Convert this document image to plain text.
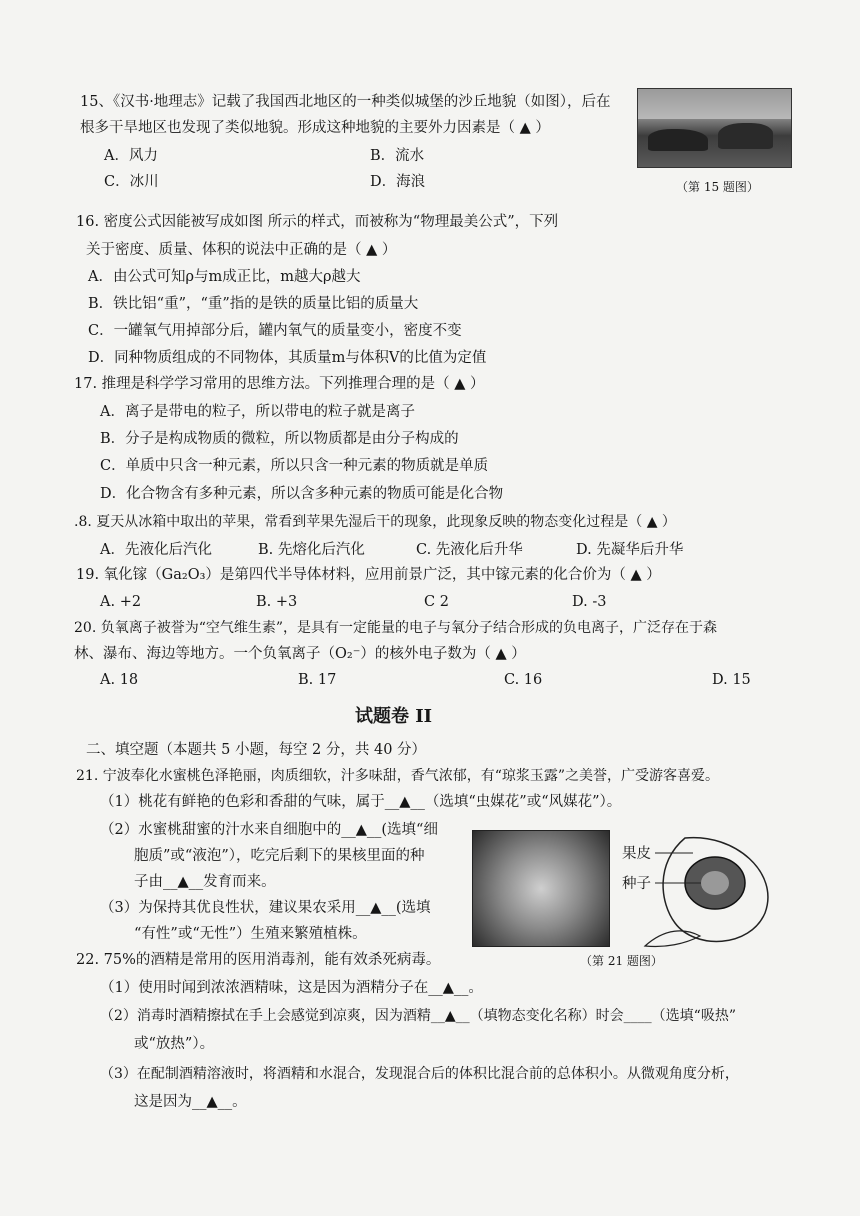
15、《汉书·地理志》记载了我国西北地区的一种类似城堡的沙丘地貌（如图），后在
根多干旱地区也发现了类似地貌。形成这种地貌的主要外力因素是（ ▲ ）
A．风力	B．流水
C．冰川	D．海浪	（第 15 题图）
16. 密度公式因能被写成如图 所示的样式，而被称为“物理最美公式”，下列
关于密度、质量、体积的说法中正确的是（ ▲ ）
A．由公式可知ρ与m成正比，m越大ρ越大
B．铁比铝“重”，“重”指的是铁的质量比铝的质量大
C．一罐氧气用掉部分后，罐内氧气的质量变小，密度不变
D．同种物质组成的不同物体，其质量m与体积V的比值为定值
17. 推理是科学学习常用的思维方法。下列推理合理的是（ ▲ ）
A．离子是带电的粒子，所以带电的粒子就是离子
B．分子是构成物质的微粒，所以物质都是由分子构成的
C．单质中只含一种元素，所以只含一种元素的物质就是单质
D．化合物含有多种元素，所以含多种元素的物质可能是化合物
.8. 夏天从冰箱中取出的苹果，常看到苹果先湿后干的现象，此现象反映的物态变化过程是（ ▲ ）
A．先液化后汽化	B. 先熔化后汽化	C. 先液化后升华	D. 先凝华后升华
19. 氧化镓（Ga₂O₃）是第四代半导体材料，应用前景广泛，其中镓元素的化合价为（ ▲ ）
A. +2	B. +3	C 2	D. -3
20. 负氧离子被誉为“空气维生素”，是具有一定能量的电子与氧分子结合形成的负电离子，广泛存在于森
林、瀑布、海边等地方。一个负氧离子（O₂⁻）的核外电子数为（ ▲ ）
A. 18	B. 17	C. 16	D. 15
试题卷 II
二、填空题（本题共 5 小题，每空 2 分，共 40 分）
21. 宁波奉化水蜜桃色泽艳丽，肉质细软，汁多味甜，香气浓郁，有“琼浆玉露”之美誉，广受游客喜爱。
（1）桃花有鲜艳的色彩和香甜的气味，属于__▲__（选填“虫媒花”或“风媒花”）。
（2）水蜜桃甜蜜的汁水来自细胞中的__▲__(选填“细
胞质”或“液泡”），吃完后剩下的果核里面的种
子由__▲__发育而来。
（3）为保持其优良性状，建议果农采用__▲__(选填
“有性”或“无性”）生殖来繁殖植株。
果皮
种子
（第 21 题图）
22. 75%的酒精是常用的医用消毒剂，能有效杀死病毒。
（1）使用时闻到浓浓酒精味，这是因为酒精分子在__▲__。
（2）消毒时酒精擦拭在手上会感觉到凉爽，因为酒精__▲__（填物态变化名称）时会____（选填“吸热”
或“放热”）。
（3）在配制酒精溶液时，将酒精和水混合，发现混合后的体积比混合前的总体积小。从微观角度分析，
这是因为__▲__。
